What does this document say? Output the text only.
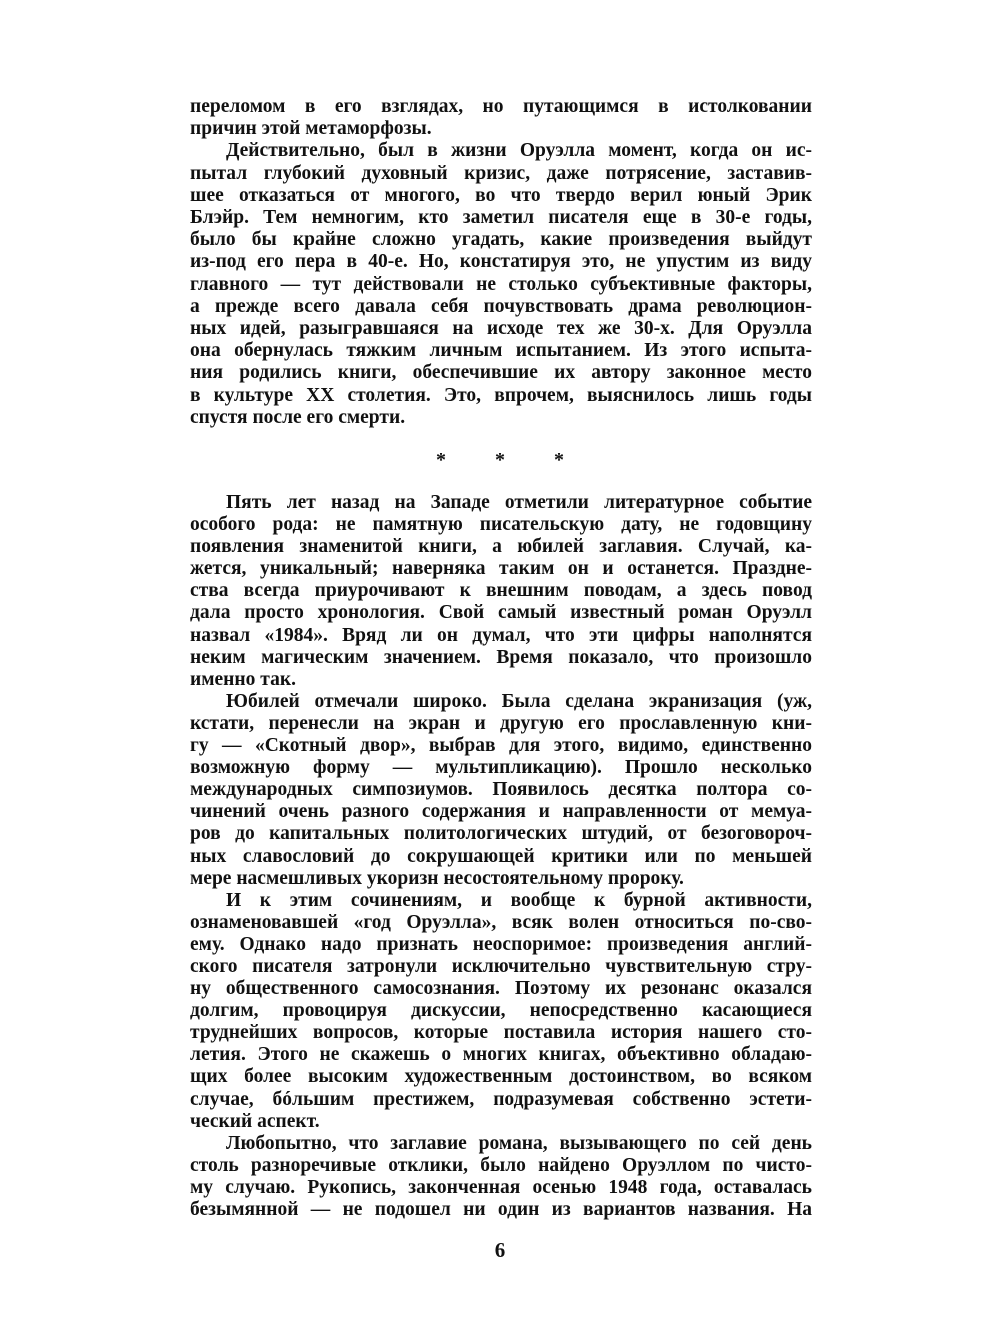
переломом в его взглядах, но путающимся в истолковании
причин этой метаморфозы.
Действительно, был в жизни Оруэлла момент, когда он ис-
пытал глубокий духовный кризис, даже потрясение, заставив-
шее отказаться от многого, во что твердо верил юный Эрик
Блэйр. Тем немногим, кто заметил писателя еще в 30-е годы,
было бы крайне сложно угадать, какие произведения выйдут
из-под его пера в 40-е. Но, констатируя это, не упустим из виду
главного — тут действовали не столько субъективные факторы,
а прежде всего давала себя почувствовать драма революцион-
ных идей, разыгравшаяся на исходе тех же 30-х. Для Оруэлла
она обернулась тяжким личным испытанием. Из этого испыта-
ния родились книги, обеспечившие их автору законное место
в культуре XX столетия. Это, впрочем, выяснилось лишь годы
спустя после его смерти.
* * *
Пять лет назад на Западе отметили литературное событие
особого рода: не памятную писательскую дату, не годовщину
появления знаменитой книги, а юбилей заглавия. Случай, ка-
жется, уникальный; наверняка таким он и останется. Праздне-
ства всегда приурочивают к внешним поводам, а здесь повод
дала просто хронология. Свой самый известный роман Оруэлл
назвал «1984». Вряд ли он думал, что эти цифры наполнятся
неким магическим значением. Время показало, что произошло
именно так.
Юбилей отмечали широко. Была сделана экранизация (уж,
кстати, перенесли на экран и другую его прославленную кни-
гу — «Скотный двор», выбрав для этого, видимо, единственно
возможную форму — мультипликацию). Прошло несколько
международных симпозиумов. Появилось десятка полтора со-
чинений очень разного содержания и направленности от мемуа-
ров до капитальных политологических штудий, от безоговороч-
ных славословий до сокрушающей критики или по меньшей
мере насмешливых укоризн несостоятельному пророку.
И к этим сочинениям, и вообще к бурной активности,
ознаменовавшей «год Оруэлла», всяк волен относиться по-сво-
ему. Однако надо признать неоспоримое: произведения англий-
ского писателя затронули исключительно чувствительную стру-
ну общественного самосознания. Поэтому их резонанс оказался
долгим, провоцируя дискуссии, непосредственно касающиеся
труднейших вопросов, которые поставила история нашего сто-
летия. Этого не скажешь о многих книгах, объективно обладаю-
щих более высоким художественным достоинством, во всяком
случае, бóльшим престижем, подразумевая собственно эстети-
ческий аспект.
Любопытно, что заглавие романа, вызывающего по сей день
столь разноречивые отклики, было найдено Оруэллом по чисто-
му случаю. Рукопись, законченная осенью 1948 года, оставалась
безымянной — не подошел ни один из вариантов названия. На
6
